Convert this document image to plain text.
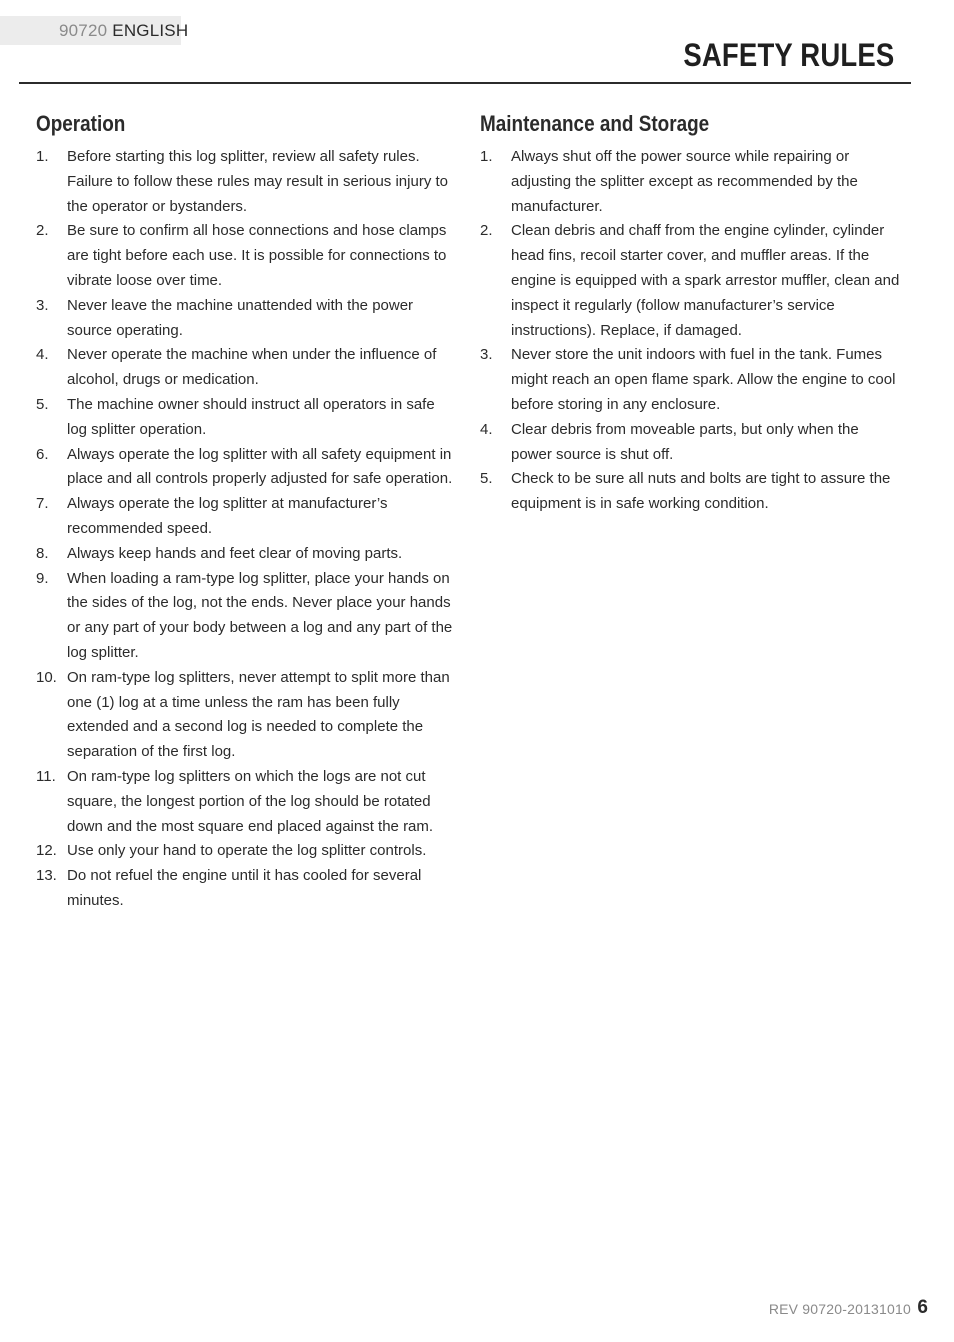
90720 ENGLISH
SAFETY RULES
Operation
1. Before starting this log splitter, review all safety rules. Failure to follow these rules may result in serious injury to the operator or bystanders.
2. Be sure to confirm all hose connections and hose clamps are tight before each use. It is possible for connections to vibrate loose over time.
3. Never leave the machine unattended with the power source operating.
4. Never operate the machine when under the influence of alcohol, drugs or medication.
5. The machine owner should instruct all operators in safe log splitter operation.
6. Always operate the log splitter with all safety equipment in place and all controls properly adjusted for safe operation.
7. Always operate the log splitter at manufacturer’s recommended speed.
8. Always keep hands and feet clear of moving parts.
9. When loading a ram-type log splitter, place your hands on the sides of the log, not the ends. Never place your hands or any part of your body between a log and any part of the log splitter.
10. On ram-type log splitters, never attempt to split more than one (1) log at a time unless the ram has been fully extended and a second log is needed to complete the separation of the first log.
11. On ram-type log splitters on which the logs are not cut square, the longest portion of the log should be rotated down and the most square end placed against the ram.
12. Use only your hand to operate the log splitter controls.
13. Do not refuel the engine until it has cooled for several minutes.
Maintenance and Storage
1. Always shut off the power source while repairing or adjusting the splitter except as recommended by the manufacturer.
2. Clean debris and chaff from the engine cylinder, cylinder head fins, recoil starter cover, and muffler areas. If the engine is equipped with a spark arrestor muffler, clean and inspect it regularly (follow manufacturer’s service instructions). Replace, if damaged.
3. Never store the unit indoors with fuel in the tank. Fumes might reach an open flame spark. Allow the engine to cool before storing in any enclosure.
4. Clear debris from moveable parts, but only when the power source is shut off.
5. Check to be sure all nuts and bolts are tight to assure the equipment is in safe working condition.
REV 90720-20131010 6
